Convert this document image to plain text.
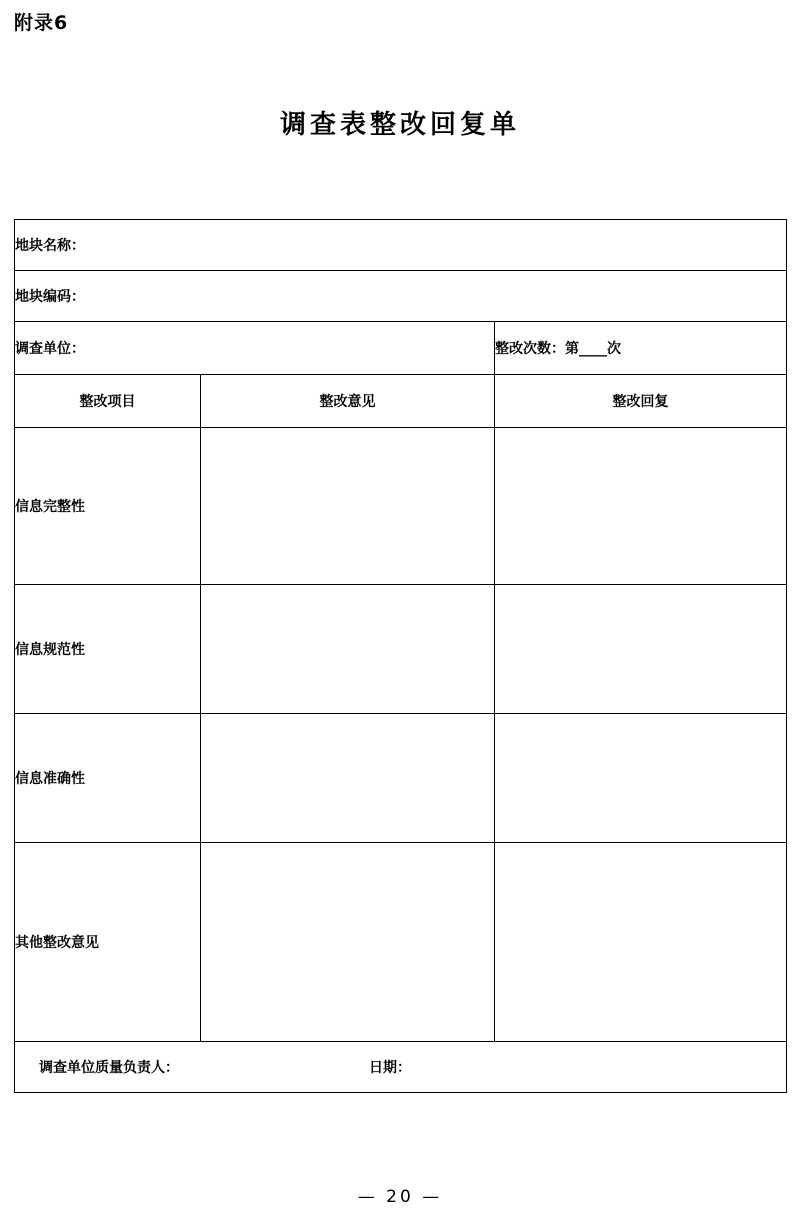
附录6
调查表整改回复单
地块名称：		
地块编码：		
调查单位：		整改次数：第____次
整改项目	整改意见	整改回复
信息完整性		
信息规范性		
信息准确性		
其他整改意见		

调查单位质量负责人： 日期：		
— 20 —
